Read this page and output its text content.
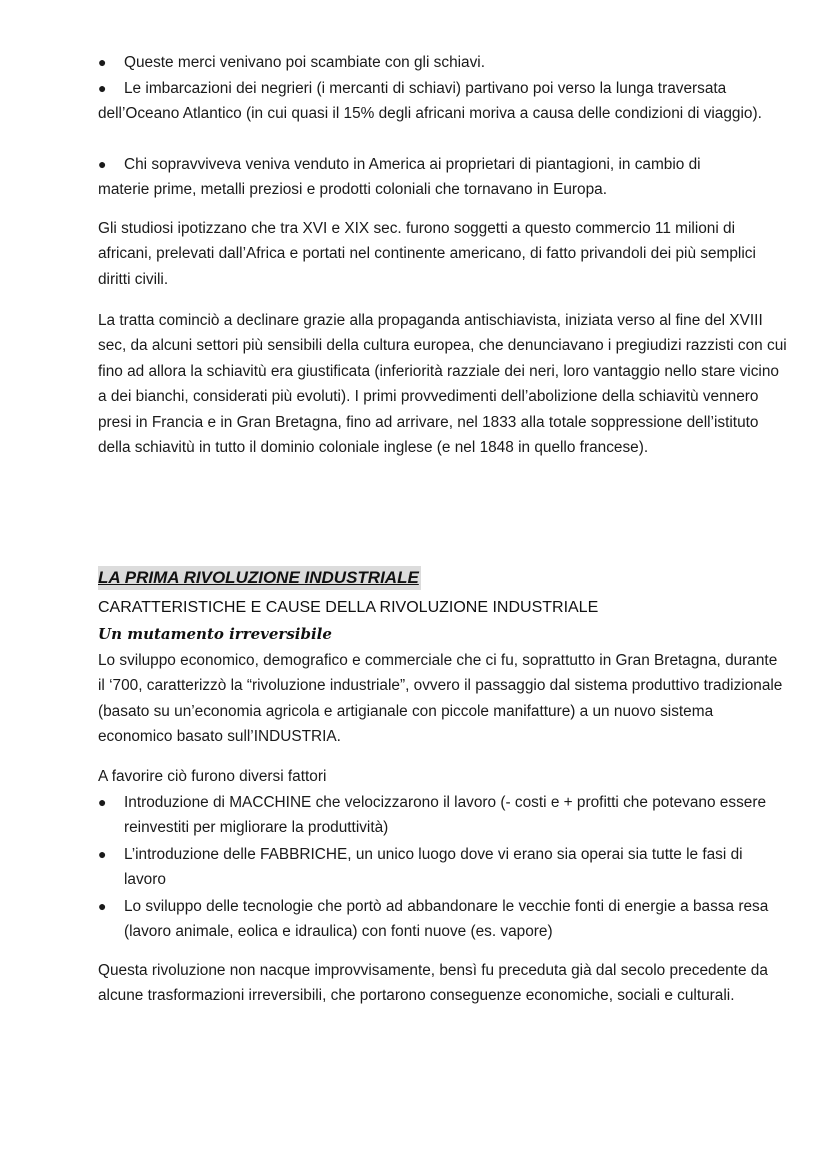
● Queste merci venivano poi scambiate con gli schiavi.
● Le imbarcazioni dei negrieri (i mercanti di schiavi) partivano poi verso la lunga traversata
dell’Oceano Atlantico (in cui quasi il 15% degli africani moriva a causa delle condizioni di viaggio).
● Chi sopravviveva veniva venduto in America ai proprietari di piantagioni, in cambio di
materie prime, metalli preziosi e prodotti coloniali che tornavano in Europa.

Gli studiosi ipotizzano che tra XVI e XIX sec. furono soggetti a questo commercio 11 milioni di africani, prelevati dall’Africa e portati nel continente americano, di fatto privandoli dei più semplici diritti civili.

La tratta cominciò a declinare grazie alla propaganda antischiavista, iniziata verso al fine del XVIII sec, da alcuni settori più sensibili della cultura europea, che denunciavano i pregiudizi razzisti con cui fino ad allora la schiavitù era giustificata (inferiorità razziale dei neri, loro vantaggio nello stare vicino a dei bianchi, considerati più evoluti). I primi provvedimenti dell’abolizione della schiavitù vennero presi in Francia e in Gran Bretagna, fino ad arrivare, nel 1833 alla totale soppressione dell’istituto della schiavitù in tutto il dominio coloniale inglese (e nel 1848 in quello francese).

LA PRIMA RIVOLUZIONE INDUSTRIALE
CARATTERISTICHE E CAUSE DELLA RIVOLUZIONE INDUSTRIALE
Un mutamento irreversibile

Lo sviluppo economico, demografico e commerciale che ci fu, soprattutto in Gran Bretagna, durante il ‘700, caratterizzò la “rivoluzione industriale”, ovvero il passaggio dal sistema produttivo tradizionale (basato su un’economia agricola e artigianale con piccole manifatture) a un nuovo sistema economico basato sull’INDUSTRIA.

A favorire ciò furono diversi fattori

● Introduzione di MACCHINE che velocizzarono il lavoro (- costi e + profitti che potevano essere reinvestiti per migliorare la produttività)
● L’introduzione delle FABBRICHE, un unico luogo dove vi erano sia operai sia tutte le fasi di lavoro
● Lo sviluppo delle tecnologie che portò ad abbandonare le vecchie fonti di energie a bassa resa (lavoro animale, eolica e idraulica) con fonti nuove (es. vapore)

Questa rivoluzione non nacque improvvisamente, bensì fu preceduta già dal secolo precedente da alcune trasformazioni irreversibili, che portarono conseguenze economiche, sociali e culturali.
